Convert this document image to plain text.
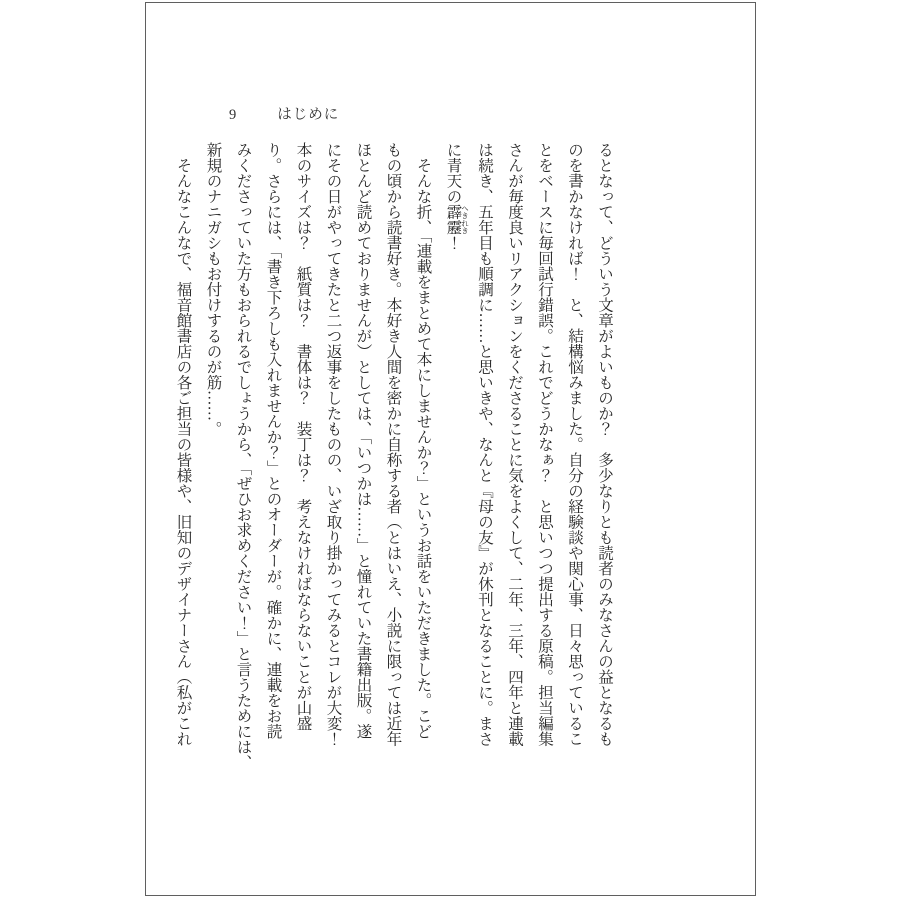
9	はじめに
るとなって、どういう文章がよいものか？　多少なりとも読者のみなさんの益となるも
のを書かなければ！　と、結構悩みました。自分の経験談や関心事、日々思っているこ
とをベースに毎回試行錯誤。これでどうかなぁ？　と思いつつ提出する原稿。担当編集
さんが毎度良いリアクションをくださることに気をよくして、二年、三年、四年と連載
は続き、五年目も順調に……と思いきや、なんと『母の友』が休刊となることに。まさ
に青天の霹靂 へきれき！
　そんな折、「連載をまとめて本にしませんか？」というお話をいただきました。こど
もの頃から読書好き。本好き人間を密かに自称する者（とはいえ、小説に限っては近年
ほとんど読めておりませんが）としては、「いつかは……」と憧れていた書籍出版。遂
にその日がやってきたと二つ返事をしたものの、いざ取り掛かってみるとコレが大変！
本のサイズは？　紙質は？　書体は？　装丁は？　考えなければならないことが山盛
り。さらには、「書き下ろしも入れませんか？」とのオーダーが。確かに、連載をお読
みくださっていた方もおられるでしょうから、「ぜひお求めください！」と言うためには、
新規のナニガシもお付けするのが筋……。
　そんなこんなで、福音館書店の各ご担当の皆様や、旧知のデザイナーさん（私がこれ
